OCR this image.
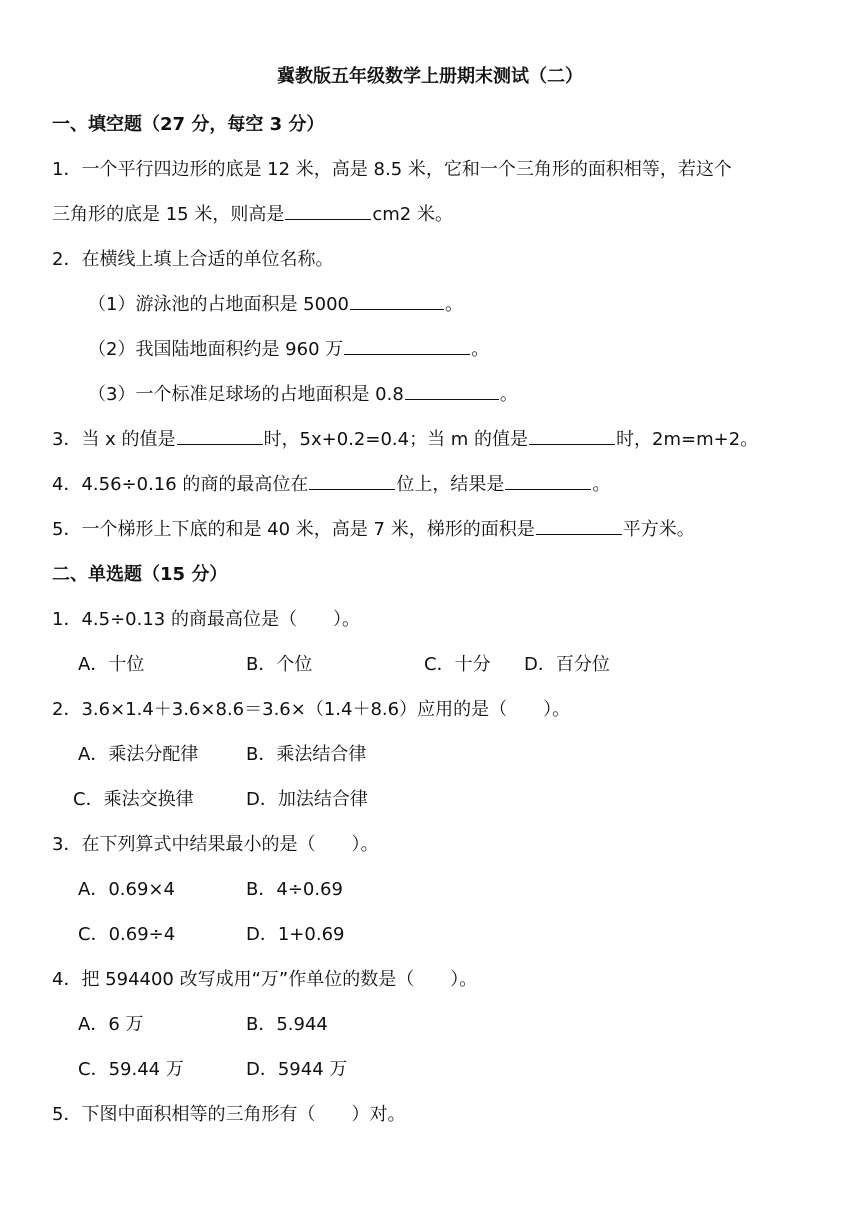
冀教版五年级数学上册期末测试（二）
一、填空题（27 分，每空 3 分）
1．一个平行四边形的底是 12 米，高是 8.5 米，它和一个三角形的面积相等，若这个
三角形的底是 15 米，则高是	cm2 米。
2．在横线上填上合适的单位名称。
（1）游泳池的占地面积是 5000	。
（2）我国陆地面积约是 960 万	。
（3）一个标准足球场的占地面积是 0.8	。
3．当 x 的值是	时，5x+0.2=0.4；当 m 的值是	时，2m=m+2。
4．4.56÷0.16 的商的最高位在	位上，结果是	。
5．一个梯形上下底的和是 40 米，高是 7 米，梯形的面积是	平方米。
二、单选题（15 分）
1．4.5÷0.13 的商最高位是（　　）。
A．十位	B．个位	C．十分 D．百分位
2．3.6×1.4＋3.6×8.6＝3.6×（1.4＋8.6）应用的是（　　）。
A．乘法分配律	B．乘法结合律
C．乘法交换律	D．加法结合律
3．在下列算式中结果最小的是（　　）。
A．0.69×4	B．4÷0.69
C．0.69÷4	D．1+0.69
4．把 594400 改写成用“万”作单位的数是（　　）。
A．6 万	B．5.944
C．59.44 万	D．5944 万
5．下图中面积相等的三角形有（　　）对。
